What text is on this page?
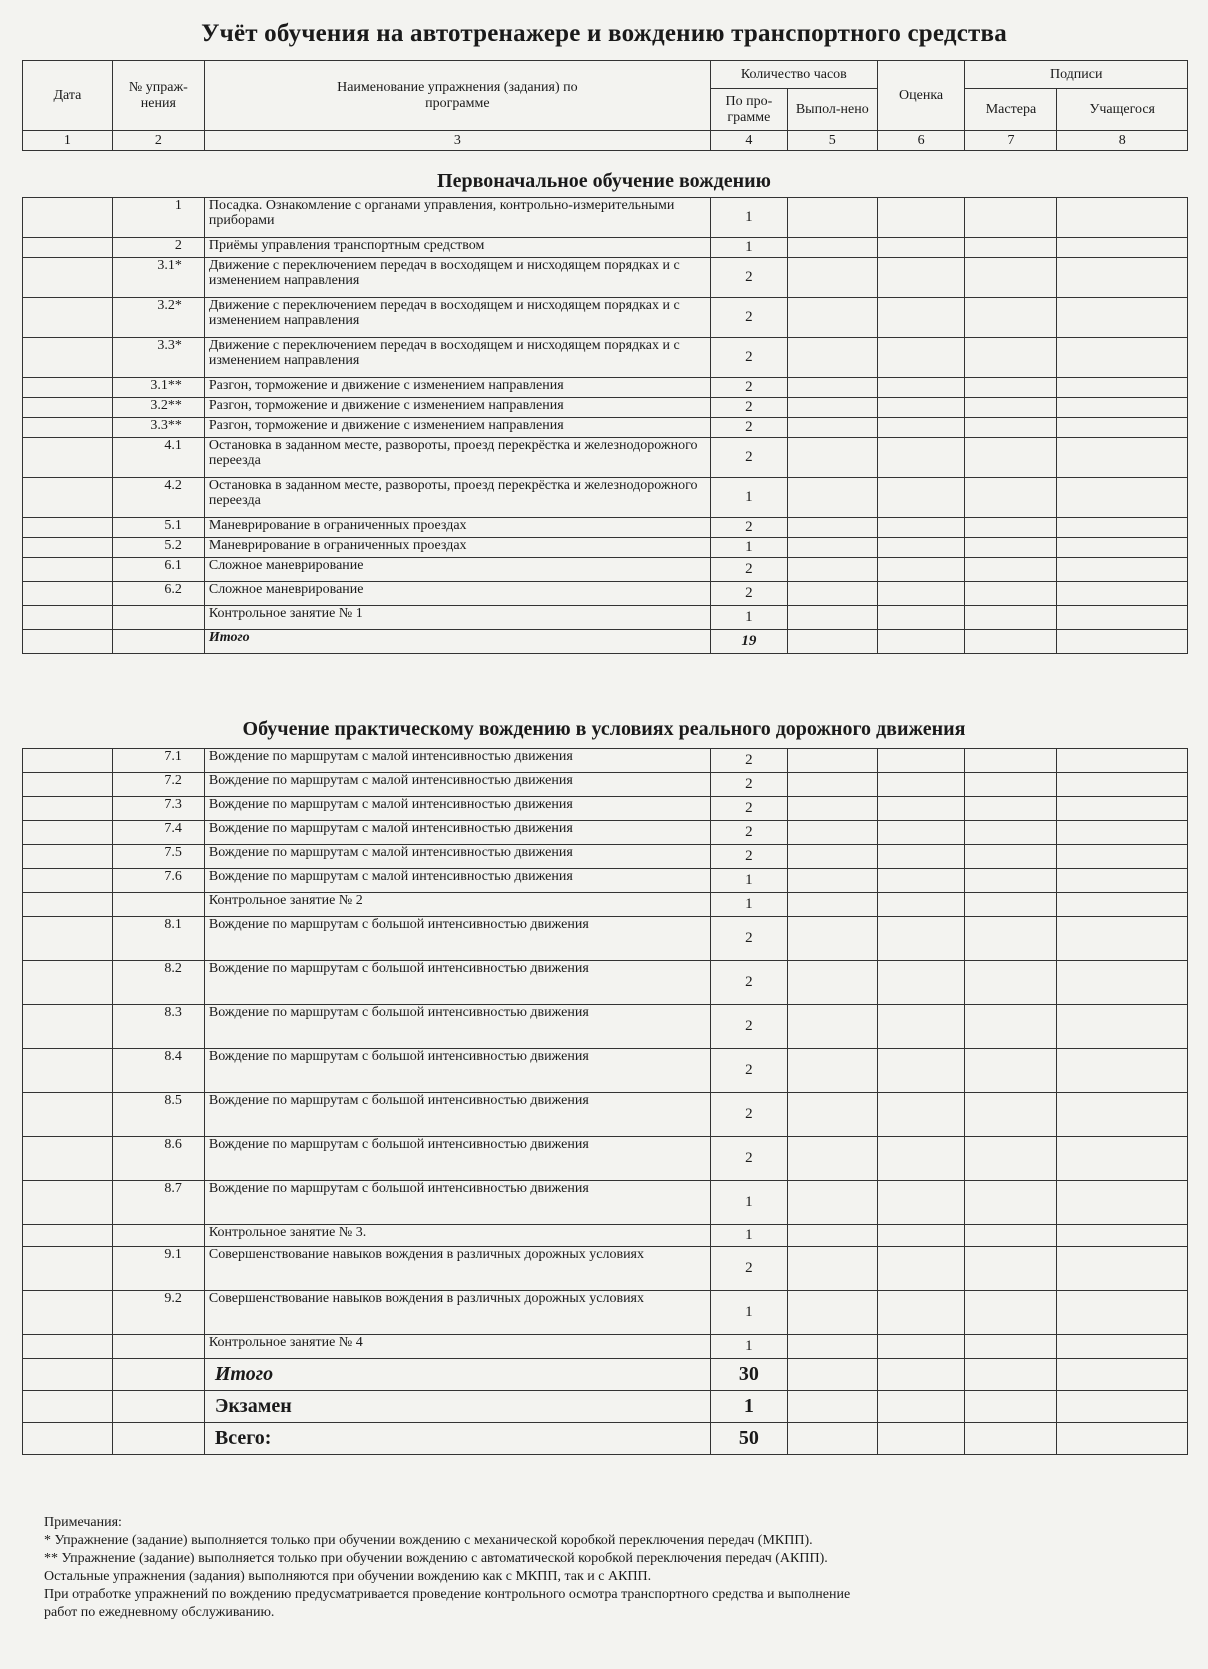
Учёт обучения на автотренажере и вождению транспортного средства
Дата	№ упраж-нения	Наименование упражнения (задания) по программе	Количество часов		Оценка	Подписи	
			По про-грамме	Выпол-нено		Мастера	Учащегося
1	2	3	4	5	6	7	8
Первоначальное обучение вождению
	1	Посадка. Ознакомление с органами управления, контрольно-измерительными приборами	1				
	2	Приёмы управления транспортным средством	1				
	3.1*	Движение с переключением передач в восходящем и нисходящем порядках и с изменением направления	2				
	3.2*	Движение с переключением передач в восходящем и нисходящем порядках и с изменением направления	2				
	3.3*	Движение с переключением передач в восходящем и нисходящем порядках и с изменением направления	2				
	3.1**	Разгон, торможение и движение с изменением направления	2				
	3.2**	Разгон, торможение и движение с изменением направления	2				
	3.3**	Разгон, торможение и движение с изменением направления	2				
	4.1	Остановка в заданном месте, развороты, проезд перекрёстка и железнодорожного переезда	2				
	4.2	Остановка в заданном месте, развороты, проезд перекрёстка и железнодорожного переезда	1				
	5.1	Маневрирование в ограниченных проездах	2				
	5.2	Маневрирование в ограниченных проездах	1				
	6.1	Сложное маневрирование	2				
	6.2	Сложное маневрирование	2				
		Контрольное занятие № 1	1				
		Итого	19				
Обучение практическому вождению в условиях реального дорожного движения
	7.1	Вождение по маршрутам с малой интенсивностью движения	2				
	7.2	Вождение по маршрутам с малой интенсивностью движения	2				
	7.3	Вождение по маршрутам с малой интенсивностью движения	2				
	7.4	Вождение по маршрутам с малой интенсивностью движения	2				
	7.5	Вождение по маршрутам с малой интенсивностью движения	2				
	7.6	Вождение по маршрутам с малой интенсивностью движения	1				
		Контрольное занятие № 2	1				
	8.1	Вождение по маршрутам с большой интенсивностью движения	2				
	8.2	Вождение по маршрутам с большой интенсивностью движения	2				
	8.3	Вождение по маршрутам с большой интенсивностью движения	2				
	8.4	Вождение по маршрутам с большой интенсивностью движения	2				
	8.5	Вождение по маршрутам с большой интенсивностью движения	2				
	8.6	Вождение по маршрутам с большой интенсивностью движения	2				
	8.7	Вождение по маршрутам с большой интенсивностью движения	1				
		Контрольное занятие № 3.	1				
	9.1	Совершенствование навыков вождения в различных дорожных условиях	2				
	9.2	Совершенствование навыков вождения в различных дорожных условиях	1				
		Контрольное занятие № 4	1				
		Итого	30				
		Экзамен	1				
		Всего:	50				
Примечания:
* Упражнение (задание) выполняется только при обучении вождению с механической коробкой переключения передач (МКПП).
** Упражнение (задание) выполняется только при обучении вождению с автоматической коробкой переключения передач (АКПП).
Остальные упражнения (задания) выполняются при обучении вождению как с МКПП, так и с АКПП.
При отработке упражнений по вождению предусматривается проведение контрольного осмотра транспортного средства и выполнение
работ по ежедневному обслуживанию.
